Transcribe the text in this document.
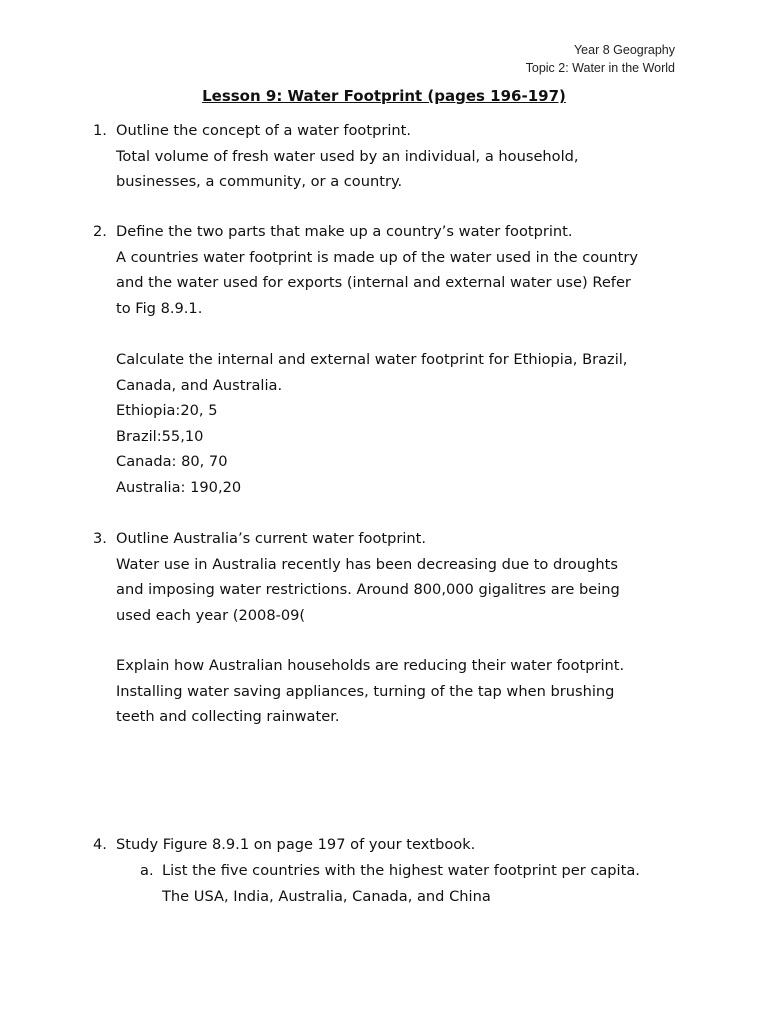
Year 8 Geography
Topic 2: Water in the World
Lesson 9: Water Footprint (pages 196-197)
1. Outline the concept of a water footprint.
Total volume of fresh water used by an individual, a household,
businesses, a community, or a country.
2. Define the two parts that make up a country’s water footprint.
A countries water footprint is made up of the water used in the country
and the water used for exports (internal and external water use) Refer
to Fig 8.9.1.
Calculate the internal and external water footprint for Ethiopia, Brazil,
Canada, and Australia.
Ethiopia:20, 5
Brazil:55,10
Canada: 80, 70
Australia: 190,20
3. Outline Australia’s current water footprint.
Water use in Australia recently has been decreasing due to droughts
and imposing water restrictions. Around 800,000 gigalitres are being
used each year (2008-09(
Explain how Australian households are reducing their water footprint.
Installing water saving appliances, turning of the tap when brushing
teeth and collecting rainwater.
4. Study Figure 8.9.1 on page 197 of your textbook.
a. List the five countries with the highest water footprint per capita.
The USA, India, Australia, Canada, and China
